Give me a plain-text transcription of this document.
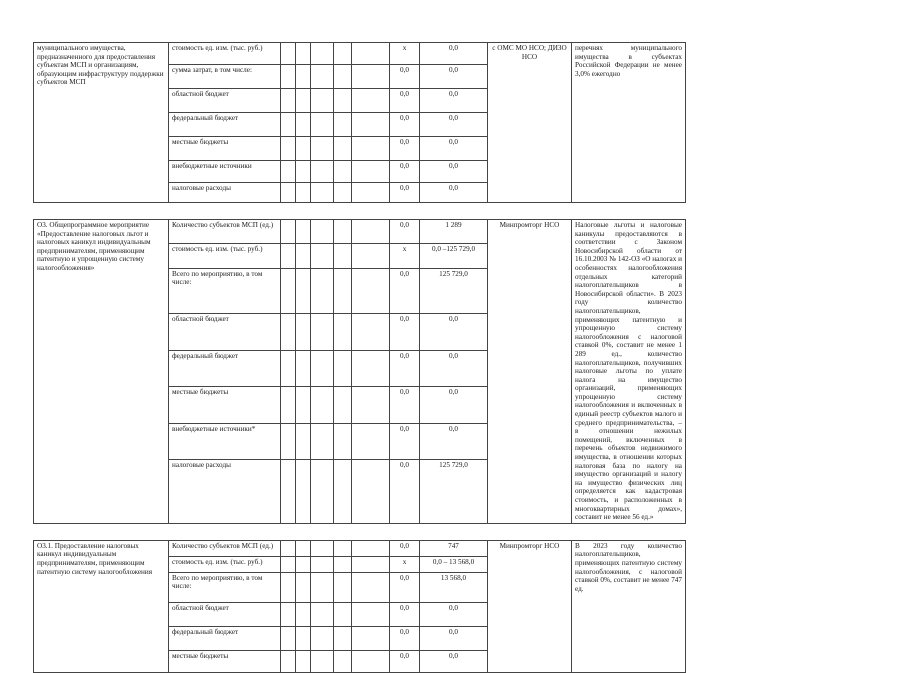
муниципального имущества, предназначенного для предоставления субъектам МСП и организациям, образующим инфраструктуру поддержки субъектов МСП	стоимость ед. изм. (тыс. руб.)						х	0,0	с ОМС МО НСО; ДИЗО НСО	перечнях муниципального имущества в субъектах Российской Федерации не менее 3,0% ежегодно	
	сумма затрат, в том числе:						0,0	0,0			
	областной бюджет						0,0	0,0			
	федеральный бюджет						0,0	0,0			
	местные бюджеты						0,0	0,0			
	внебюджетные источники						0,0	0,0			
	налоговые расходы						0,0	0,0			

О3. Общепрограммное мероприятие «Предоставление налоговых льгот и налоговых каникул индивидуальным предпринимателям, применяющим патентную и упрощенную систему налогообложения»	Количество субъектов МСП (ед.)						0,0	1 289	Минпромторг НСО	Налоговые льготы и налоговые каникулы предоставляются в соответствии с Законом Новосибирской области от 16.10.2003 № 142-ОЗ «О налогах и особенностях налогообложения отдельных категорий налогоплательщиков в Новосибирской области». В 2023 году количество налогоплательщиков, применяющих патентную и упрощенную систему налогообложения с налоговой ставкой 0%, составит не менее 1 289 ед., количество налогоплательщиков, получивших налоговые льготы по уплате налога на имущество организаций, применяющих упрощенную систему налогообложения и включенных в единый реестр субъектов малого и среднего предпринимательства, – в отношении нежилых помещений, включенных в перечень объектов недвижимого имущества, в отношении которых налоговая база по налогу на имущество организаций и налогу на имущество физических лиц определяется как кадастровая стоимость, и расположенных в многоквартирных домах», составит не менее 56 ед.»	
	стоимость ед. изм. (тыс. руб.)						х	0,0 –125 729,0			
	Всего по мероприятию, в том числе:						0,0	125 729,0			
	областной бюджет						0,0	0,0			
	федеральный бюджет						0,0	0,0			
	местные бюджеты						0,0	0,0			
	внебюджетные источники*						0,0	0,0			
	налоговые расходы						0,0	125 729,0			

О3.1. Предоставление налоговых каникул индивидуальным предпринимателям, применяющим патентную систему налогообложения	Количество субъектов МСП (ед.)						0,0	747	Минпромторг НСО	В 2023 году количество налогоплательщиков, применяющих патентную систему налогообложения, с налоговой ставкой 0%, составит не менее 747 ед.	
	стоимость ед. изм. (тыс. руб.)						х	0,0 – 13 568,0			
	Всего по мероприятию, в том числе:						0,0	13 568,0			
	областной бюджет						0,0	0,0			
	федеральный бюджет						0,0	0,0			
	местные бюджеты						0,0	0,0			
